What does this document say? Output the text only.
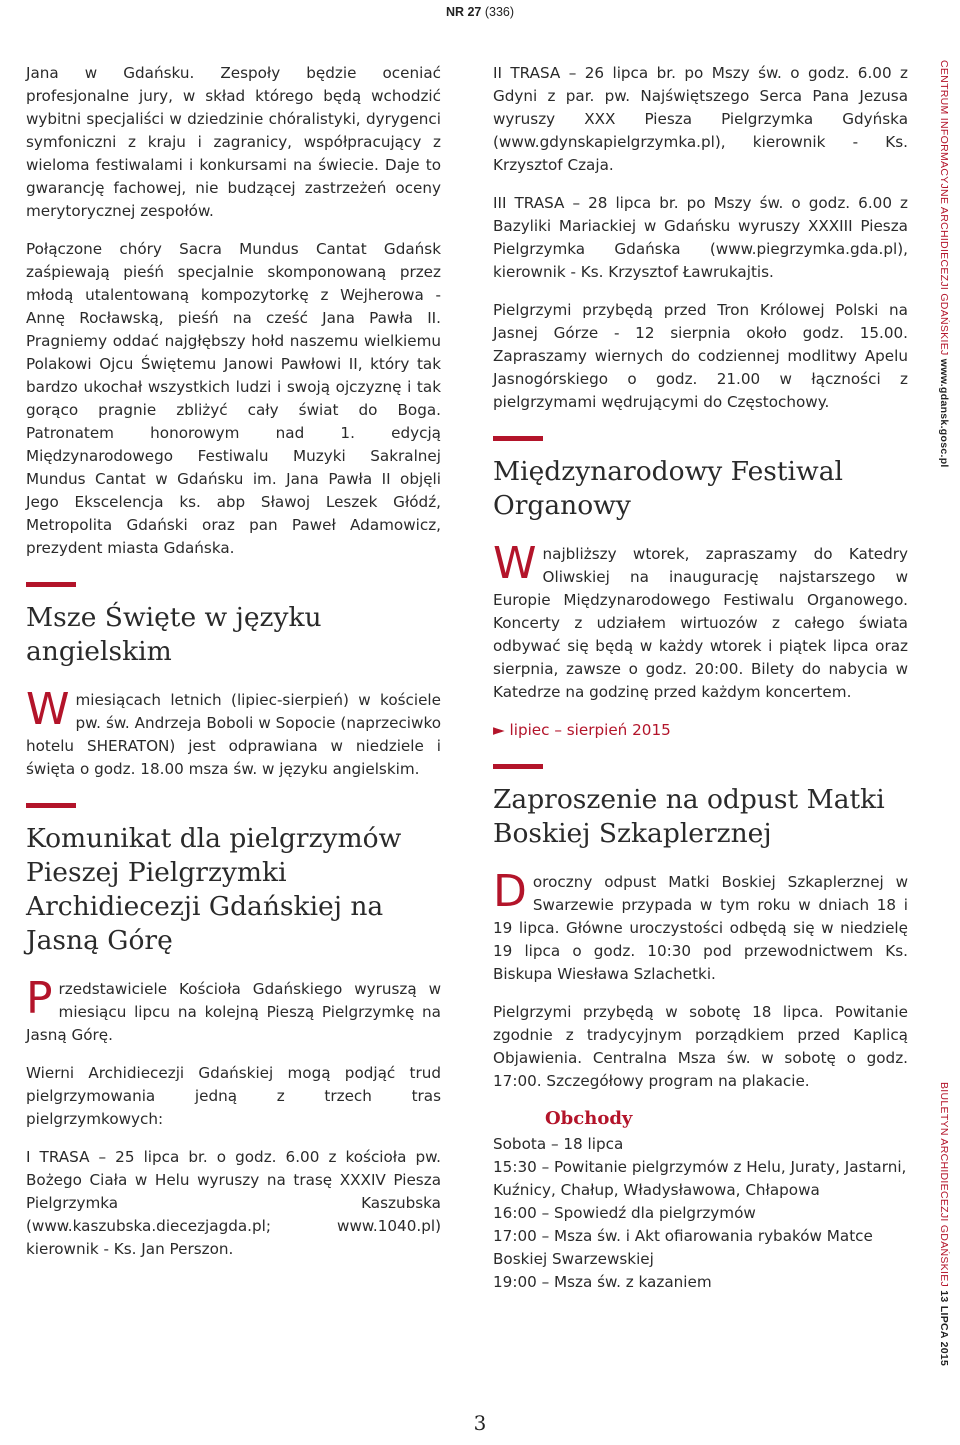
NR 27 (336)

Jana w Gdańsku. Zespoły będzie oceniać profesjonalne jury, w skład którego będą wchodzić wybitni specjaliści w dziedzinie chóralistyki, dyrygenci symfoniczni z kraju i zagranicy, współpracujący z wieloma festiwalami i konkursami na świecie. Daje to gwarancję fachowej, nie budzącej zastrzeżeń oceny merytorycznej zespołów.

Połączone chóry Sacra Mundus Cantat Gdańsk zaśpiewają pieśń specjalnie skomponowaną przez młodą utalentowaną kompozytorkę z Wejherowa - Annę Rocławską, pieśń na cześć Jana Pawła II. Pragniemy oddać najgłębszy hołd naszemu wielkiemu Polakowi Ojcu Świętemu Janowi Pawłowi II, który tak bardzo ukochał wszystkich ludzi i swoją ojczyznę i tak gorąco pragnie zbliżyć cały świat do Boga. Patronatem honorowym nad 1. edycją Międzynarodowego Festiwalu Muzyki Sakralnej Mundus Cantat w Gdańsku im. Jana Pawła II objęli Jego Ekscelencja ks. abp Sławoj Leszek Głódź, Metropolita Gdański oraz pan Paweł Adamowicz, prezydent miasta Gdańska.

Msze Święte w języku angielskim

Wmiesiącach letnich (lipiec-sierpień) w kościele pw. św. Andrzeja Boboli w Sopocie (naprzeciwko hotelu SHERATON) jest odprawiana w niedziele i święta o godz. 18.00 msza św. w języku angielskim.

Komunikat dla pielgrzymów Pieszej Pielgrzymki Archidiecezji Gdańskiej na Jasną Górę

Przedstawiciele Kościoła Gdańskiego wyruszą w miesiącu lipcu na kolejną Pieszą Pielgrzymkę na Jasną Górę.

Wierni Archidiecezji Gdańskiej mogą podjąć trud pielgrzymowania jedną z trzech tras pielgrzymkowych:

I TRASA – 25 lipca br. o godz. 6.00 z kościoła pw. Bożego Ciała w Helu wyruszy na trasę XXXIV Piesza Pielgrzymka Kaszubska (www.kaszubska.diecezjagda.pl; www.1040.pl) kierownik - Ks. Jan Perszon.

II TRASA – 26 lipca br. po Mszy św. o godz. 6.00 z Gdyni z par. pw. Najświętszego Serca Pana Jezusa wyruszy XXX Piesza Pielgrzymka Gdyńska (www.gdynskapielgrzymka.pl), kierownik - Ks. Krzysztof Czaja.

III TRASA – 28 lipca br. po Mszy św. o godz. 6.00 z Bazyliki Mariackiej w Gdańsku wyruszy XXXIII Piesza Pielgrzymka Gdańska (www.piegrzymka.gda.pl), kierownik - Ks. Krzysztof Ławrukajtis.

Pielgrzymi przybędą przed Tron Królowej Polski na Jasnej Górze - 12 sierpnia około godz. 15.00. Zapraszamy wiernych do codziennej modlitwy Apelu Jasnogórskiego o godz. 21.00 w łączności z pielgrzymami wędrującymi do Częstochowy.

Międzynarodowy Festiwal Organowy

Wnajbliższy wtorek, zapraszamy do Katedry Oliwskiej na inaugurację najstarszego w Europie Międzynarodowego Festiwalu Organowego. Koncerty z udziałem wirtuozów z całego świata odbywać się będą w każdy wtorek i piątek lipca oraz sierpnia, zawsze o godz. 20:00. Bilety do nabycia w Katedrze na godzinę przed każdym koncertem.

► lipiec – sierpień 2015

Zaproszenie na odpust Matki Boskiej Szkaplerznej

Doroczny odpust Matki Boskiej Szkaplerznej w Swarzewie przypada w tym roku w dniach 18 i 19 lipca. Główne uroczystości odbędą się w niedzielę 19 lipca o godz. 10:30 pod przewodnictwem Ks. Biskupa Wiesława Szlachetki.

Pielgrzymi przybędą w sobotę 18 lipca. Powitanie zgodnie z tradycyjnym porządkiem przed Kaplicą Objawienia. Centralna Msza św. w sobotę o godz. 17:00. Szczegółowy program na plakacie.

Obchody
Sobota – 18 lipca
15:30 – Powitanie pielgrzymów z Helu, Juraty, Jastarni, Kuźnicy, Chałup, Władysławowa, Chłapowa
16:00 – Spowiedź dla pielgrzymów
17:00 – Msza św. i Akt ofiarowania rybaków Matce Boskiej Swarzewskiej
19:00 – Msza św. z kazaniem
CENTRUM INFORMACYJNE ARCHIDIECEZJI GDAŃSKIEJ www.gdansk.gosc.pl
BIULETYN ARCHIDIECEZJI GDAŃSKIEJ 13 LIPCA 2015
3
